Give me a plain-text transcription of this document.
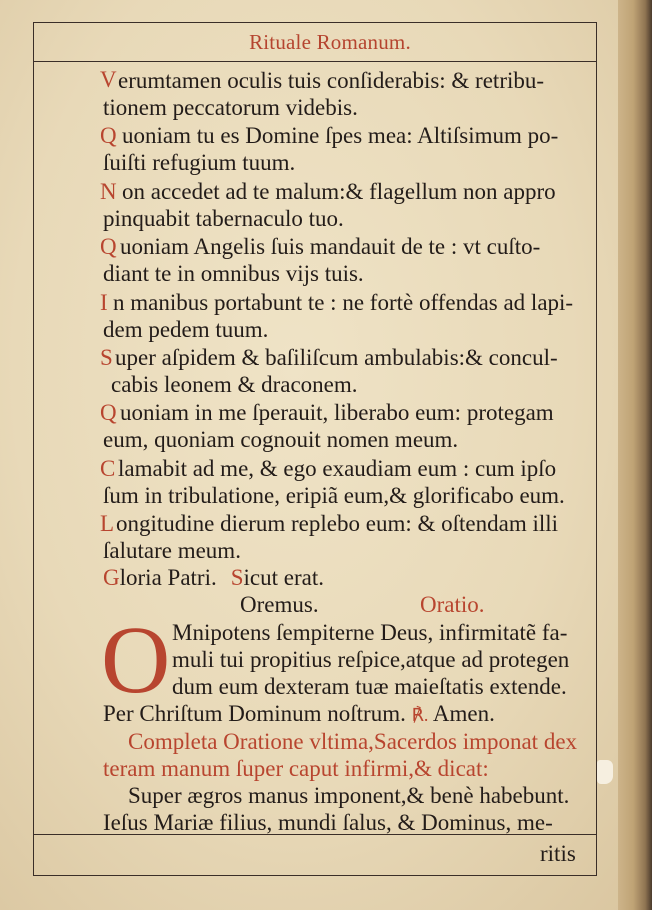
Rituale Romanum.
V erumtamen oculis tuis conſiderabis: & retribu-
tionem peccatorum videbis.
Q uoniam tu es Domine ſpes mea: Altiſsimum po-
ſuiſti refugium tuum.
N on accedet ad te malum:& flagellum non appro
pinquabit tabernaculo tuo.
Q uoniam Angelis ſuis mandauit de te : vt cuſto-
diant te in omnibus vijs tuis.
I n manibus portabunt te : ne fortè offendas ad lapi-
dem pedem tuum.
S uper aſpidem & baſiliſcum ambulabis:& concul-
cabis leonem & draconem.
Q uoniam in me ſperauit, liberabo eum: protegam
eum, quoniam cognouit nomen meum.
C lamabit ad me, & ego exaudiam eum : cum ipſo
ſum in tribulatione, eripiã eum,& glorificabo eum.
L ongitudine dierum replebo eum: & oſtendam illi
ſalutare meum.
Gloria Patri. Sicut erat.
Oremus.	Oratio.
O Mnipotens ſempiterne Deus, infirmitatẽ fa-
muli tui propitius reſpice,atque ad protegen
dum eum dexteram tuæ maieſtatis extende.
Per Chriſtum Dominum noſtrum. ℟. Amen.
Completa Oratione vltima,Sacerdos imponat dex
teram manum ſuper caput infirmi,& dicat:
Super ægros manus imponent,& benè habebunt.
Ieſus Mariæ filius, mundi ſalus, & Dominus, me-
ritis
